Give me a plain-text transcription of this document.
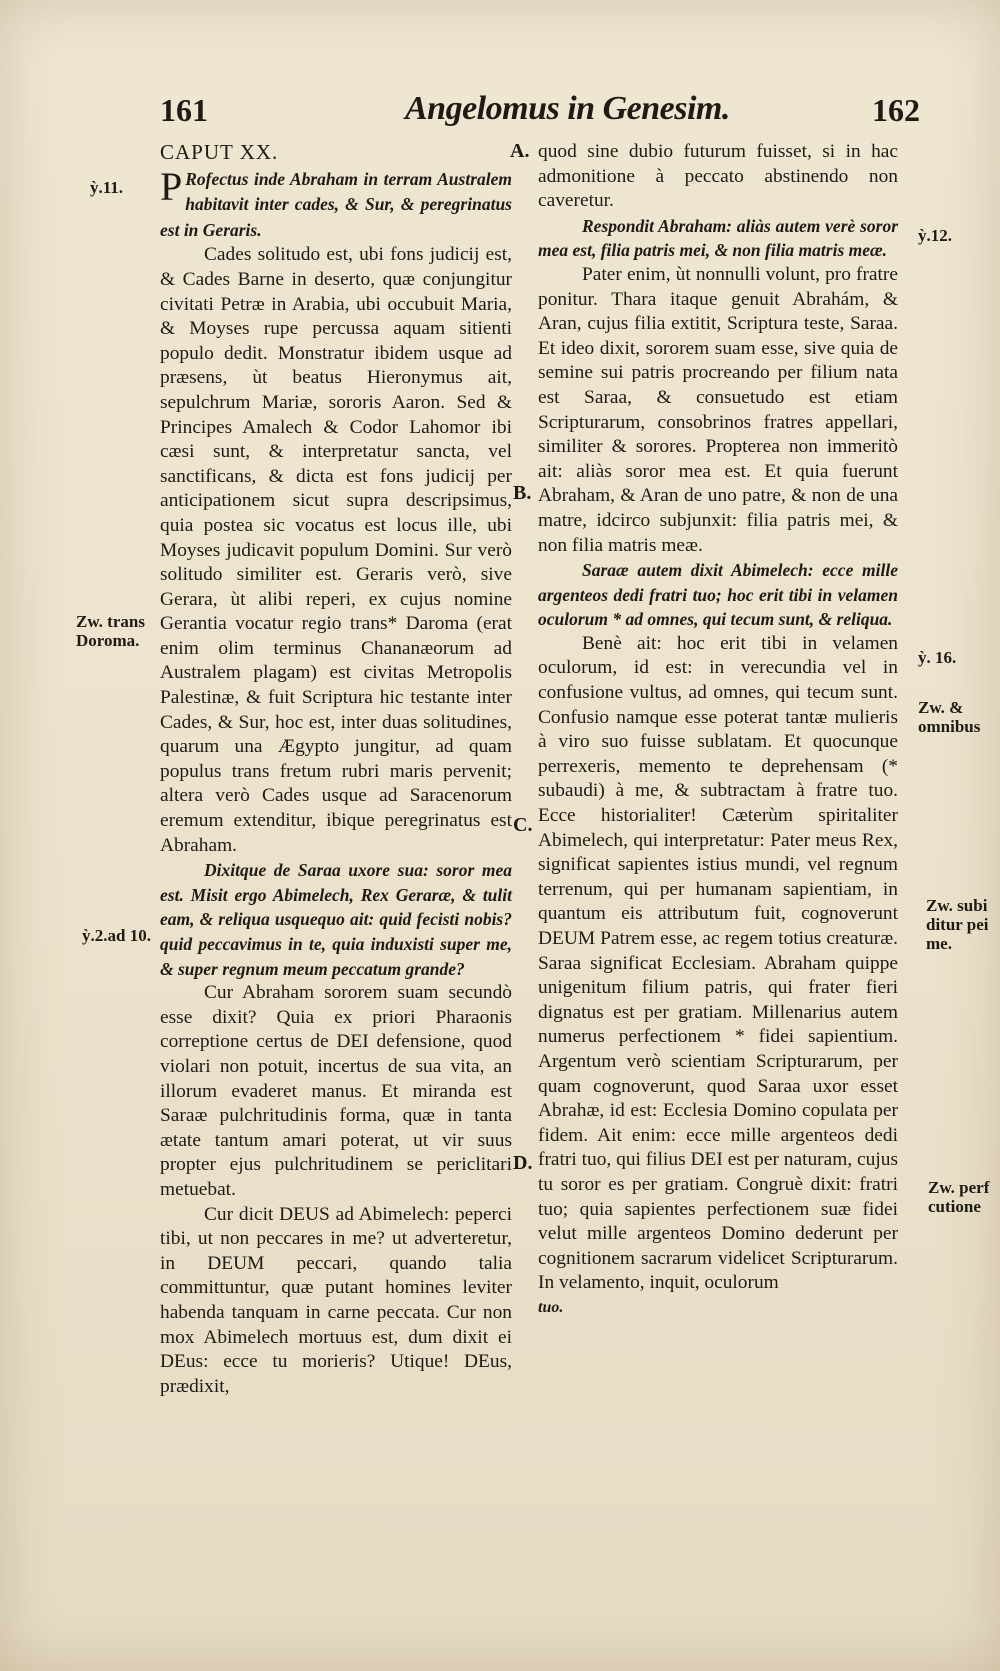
161	Angelomus in Genesim.	162

CAPUT XX.

P Rofectus inde Abraham in terram Australem habitavit inter cades, & Sur, & peregrinatus est in Geraris.

Cades solitudo est, ubi fons judicij est, & Cades Barne in deserto, quæ conjungitur civitati Petræ in Arabia, ubi occubuit Maria, & Moyses rupe percussa aquam sitienti populo dedit. Monstratur ibidem usque ad præsens, ùt beatus Hieronymus ait, sepulchrum Mariæ, sororis Aaron. Sed & Principes Amalech & Codor Lahomor ibi cæsi sunt, & interpretatur sancta, vel sanctificans, & dicta est fons judicij per anticipationem sicut supra descripsimus, quia postea sic vocatus est locus ille, ubi Moyses judicavit populum Domini. Sur verò solitudo similiter est. Geraris verò, sive Gerara, ùt alibi reperi, ex cujus nomine Gerantia vocatur regio trans* Daroma (erat enim olim terminus Chananæorum ad Australem plagam) est civitas Metropolis Palestinæ, & fuit Scriptura hic testante inter Cades, & Sur, hoc est, inter duas solitudines, quarum una Ægypto jungitur, ad quam populus trans fretum rubri maris pervenit; altera verò Cades usque ad Saracenorum eremum extenditur, ibique peregrinatus est Abraham.

Dixitque de Saraa uxore sua: soror mea est. Misit ergo Abimelech, Rex Geraræ, & tulit eam, & reliqua usquequo ait: quid fecisti nobis? quid peccavimus in te, quia induxisti super me, & super regnum meum peccatum grande?

Cur Abraham sororem suam secundò esse dixit? Quia ex priori Pharaonis correptione certus de DEI defensione, quod violari non potuit, incertus de sua vita, an illorum evaderet manus. Et miranda est Saraæ pulchritudinis forma, quæ in tanta ætate tantum amari poterat, ut vir suus propter ejus pulchritudinem se periclitari metuebat.

Cur dicit DEUS ad Abimelech: peperci tibi, ut non peccares in me? ut adverteretur, in DEUM peccari, quando talia committuntur, quæ putant homines leviter habenda tanquam in carne peccata. Cur non mox Abimelech mortuus est, dum dixit ei DEus: ecce tu morieris? Utique! DEus, prædixit,

quod sine dubio futurum fuisset, si in hac admonitione à peccato abstinendo non caveretur.

Respondit Abraham: aliàs autem verè soror mea est, filia patris mei, & non filia matris meæ.

Pater enim, ùt nonnulli volunt, pro fratre ponitur. Thara itaque genuit Abrahám, & Aran, cujus filia extitit, Scriptura teste, Saraa. Et ideo dixit, sororem suam esse, sive quia de semine sui patris procreando per filium nata est Saraa, & consuetudo est etiam Scripturarum, consobrinos fratres appellari, similiter & sorores. Propterea non immeritò ait: aliàs soror mea est. Et quia fuerunt Abraham, & Aran de uno patre, & non de una matre, idcirco subjunxit: filia patris mei, & non filia matris meæ.

Saraæ autem dixit Abimelech: ecce mille argenteos dedi fratri tuo; hoc erit tibi in velamen oculorum * ad omnes, qui tecum sunt, & reliqua.

Benè ait: hoc erit tibi in velamen oculorum, id est: in verecundia vel in confusione vultus, ad omnes, qui tecum sunt. Confusio namque esse poterat tantæ mulieris à viro suo fuisse sublatam. Et quocunque perrexeris, memento te deprehensam (* subaudi) à me, & subtractam à fratre tuo. Ecce historialiter! Cæterùm spiritaliter Abimelech, qui interpretatur: Pater meus Rex, significat sapientes istius mundi, vel regnum terrenum, qui per humanam sapientiam, in quantum eis attributum fuit, cognoverunt DEUM Patrem esse, ac regem totius creaturæ. Saraa significat Ecclesiam. Abraham quippe unigenitum filium patris, qui frater fieri dignatus est per gratiam. Millenarius autem numerus perfectionem * fidei sapientium. Argentum verò scientiam Scripturarum, per quam cognoverunt, quod Saraa uxor esset Abrahæ, id est: Ecclesia Domino copulata per fidem. Ait enim: ecce mille argenteos dedi fratri tuo, qui filius DEI est per naturam, cujus tu soror es per gratiam. Congruè dixit: fratri tuo; quia sapientes perfectionem suæ fidei velut mille argenteos Domino dederunt per cognitionem sacrarum videlicet Scripturarum. In velamento, inquit, oculorum

tuo.

ỳ.11.
Zw. trans
Doroma.
ỳ.2.ad 10.
ỳ.12.
ỳ. 16.
Zw. &
omnibus
Zw. subi
ditur pei
me.
Zw. perf
cutione
A.
B.
C.
D.
